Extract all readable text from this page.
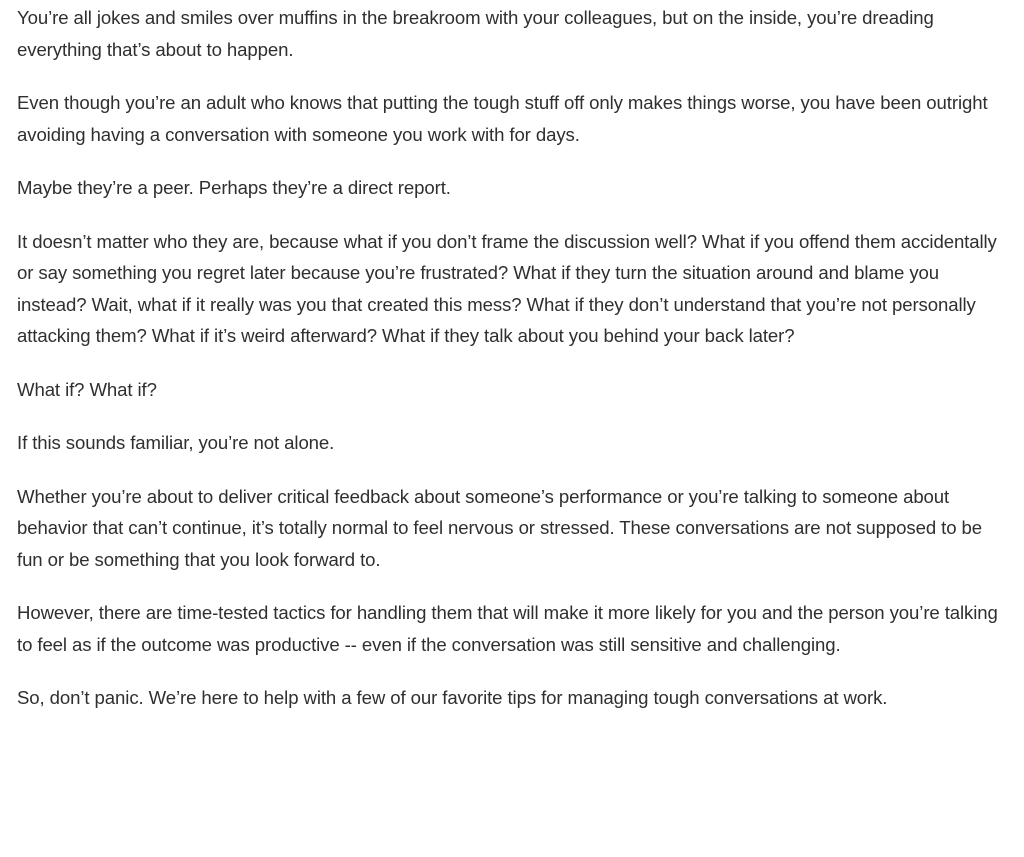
You’re all jokes and smiles over muffins in the breakroom with your colleagues, but on the inside, you’re dreading everything that’s about to happen.

Even though you’re an adult who knows that putting the tough stuff off only makes things worse, you have been outright avoiding having a conversation with someone you work with for days.

Maybe they’re a peer. Perhaps they’re a direct report.

It doesn’t matter who they are, because what if you don’t frame the discussion well? What if you offend them accidentally or say something you regret later because you’re frustrated? What if they turn the situation around and blame you instead? Wait, what if it really was you that created this mess? What if they don’t understand that you’re not personally attacking them? What if it’s weird afterward? What if they talk about you behind your back later?

What if? What if?

If this sounds familiar, you’re not alone.

Whether you’re about to deliver critical feedback about someone’s performance or you’re talking to someone about behavior that can’t continue, it’s totally normal to feel nervous or stressed. These conversations are not supposed to be fun or be something that you look forward to.

However, there are time-tested tactics for handling them that will make it more likely for you and the person you’re talking to feel as if the outcome was productive -- even if the conversation was still sensitive and challenging.

So, don’t panic. We’re here to help with a few of our favorite tips for managing tough conversations at work.
